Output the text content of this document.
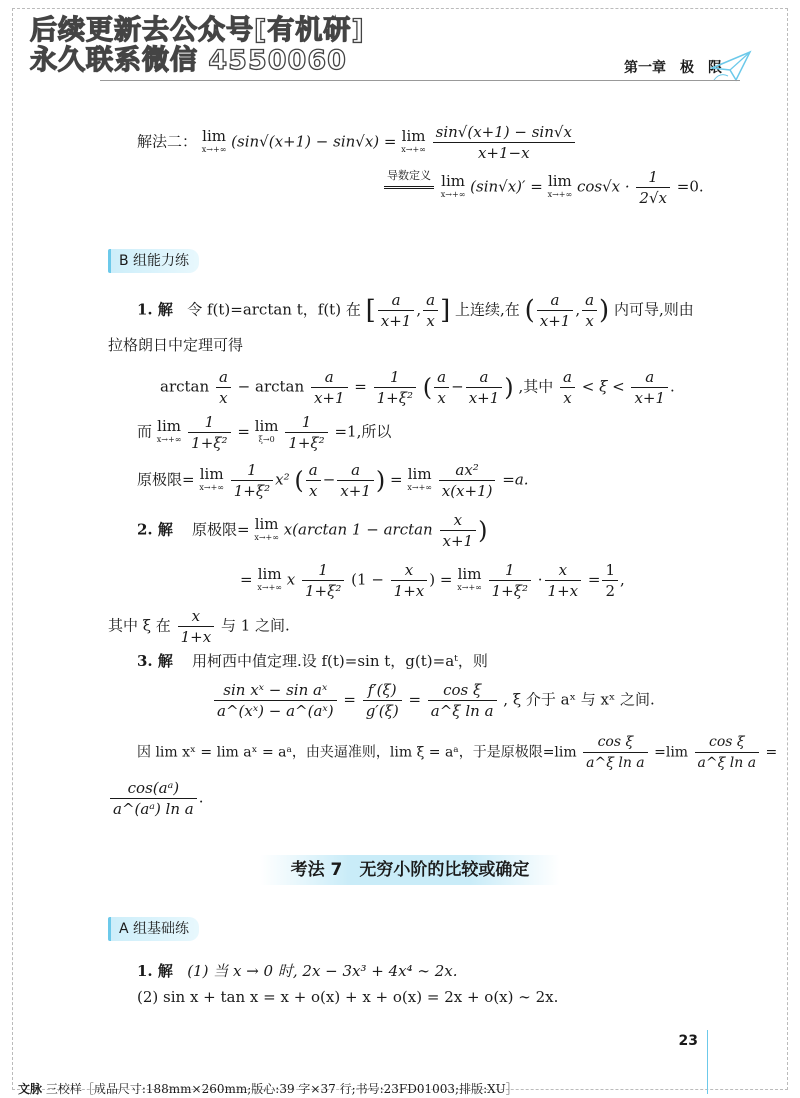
后续更新去公众号[有机研]
永久联系微信 4550060	第一章 极 限
解法二： lim
x→+∞ (sin√(x+1) − sin√x) = lim
x→+∞
$\frac{\sin√(x+1) - \sin√x}{x+1-x}$
导数定义
lim
x→+∞ (sin√x)′ = lim
x→+∞ $\cos√x \cdot \frac{1}{2√x} =0$.
B 组能力练
1. 解 令 f(t)=arctan t，f(t) 在 [ $\frac{a}{x+1}$ , $\frac{a}{x}$ ] 上连续,在 ( $\frac{a}{x+1}$ , $\frac{a}{x}$ ) 内可导,则由
拉格朗日中定理可得
$\arctan \frac{a}{x} - \arctan \frac{a}{x+1} = \frac{1}{\text{1+ξ²}}$ ( $\frac{a}{x} - \frac{a}{x+1}$ ) ,其中 $\frac{a}{x} < \xi < \frac{a}{x+1}$ .
而 lim
x→+∞
$\frac{1}{\text{1+ξ²}} = \lim$
ξ→0
$\frac{1}{\text{1+ξ²}} =1$,所以
原极限= lim
x→+∞
$\frac{1}{\text{1+ξ²}} x^2$ ( $\frac{a}{x} - \frac{a}{x+1}$ ) = lim
x→+∞
$\frac{\text{ax²}}{x(x+1)} =a$.
2. 解 原极限= lim
x→+∞ x(arctan $1 - \arctan \frac{x}{x+1}$ )
= lim
x→+∞ x $\frac{1}{\text{1+ξ²}} (1 - \frac{x}{1+x}$ ) = lim
x→+∞
$\frac{1}{\text{1+ξ²}} \cdot \frac{x}{1+x} = \frac{1}{2}$ ,
其中 ξ 在 $\frac{x}{1+x}$ 与 1 之间.
3. 解 用柯西中值定理.设 f(t)=sin t，g(t)=aᵗ，则
$\frac{\text{sin xˣ − sin aˣ}}{\text{a\textasciicircum{}(xˣ) − a\textasciicircum{}(aˣ)}} = \frac{f'(\xi)}{g'(\xi)} = \frac{\text{cos ξ}}{\text{a\textasciicircum{}ξ ln a}}$ , ξ 介于 aˣ 与 xˣ 之间.
因 lim xˣ = lim aˣ = aᵃ，由夹逼准则，lim ξ = aᵃ，于是原极限$=\lim \frac{\text{cos ξ}}{\text{a\textasciicircum{}ξ ln a}} =\lim \frac{\text{cos ξ}}{\text{a\textasciicircum{}ξ ln a}}$ =
$\frac{\text{cos(aᵃ)}}{\text{a\textasciicircum{}(aᵃ) ln a}}$ .
考法 7　无穷小阶的比较或确定
A 组基础练
1. 解 (1) 当 x → 0 时, 2x − 3x³ + 4x⁴ ∼ 2x.
(2) sin x + tan x = x + o(x) + x + o(x) = 2x + o(x) ∼ 2x.
23
文脉 三校样［成品尺寸:188mm×260mm;版心:39 字×37 行;书号:23FD01003;排版:XU］
